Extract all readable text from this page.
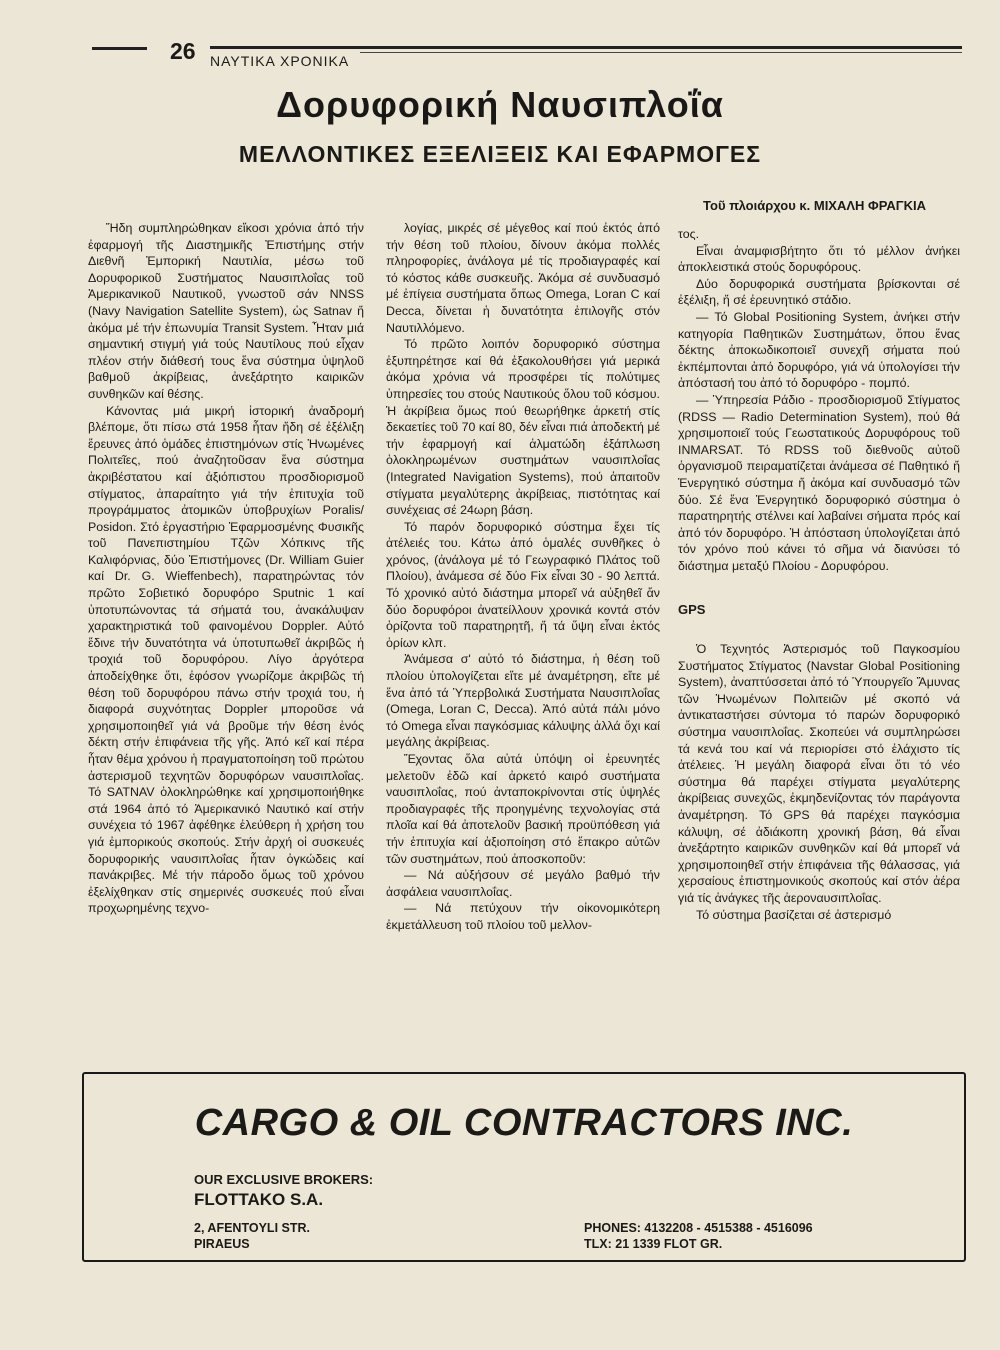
26 ΝΑΥΤΙΚΑ ΧΡΟΝΙΚΑ
Δορυφορική Ναυσιπλοΐα
ΜΕΛΛΟΝΤΙΚΕΣ ΕΞΕΛΙΞΕΙΣ ΚΑΙ ΕΦΑΡΜΟΓΕΣ
Τοῦ πλοιάρχου κ. ΜΙΧΑΛΗ ΦΡΑΓΚΙΑ

Ἤδη συμπληρώθηκαν εἴκοσι χρόνια ἀπό τήν ἐφαρμογή τῆς Διαστημικῆς Ἐπιστήμης στήν Διεθνῆ Ἐμπορική Ναυτιλία, μέσω τοῦ Δορυφορικοῦ Συστήματος Ναυσιπλοΐας τοῦ Ἀμερικανικοῦ Ναυτικοῦ, γνωστοῦ σάν NNSS (Navy Navigation Satellite System), ὡς Satnav ἤ ἀκόμα μέ τήν ἐπωνυμία Transit System. Ἦταν μιά σημαντική στιγμή γιά τούς Ναυτίλους πού εἶχαν πλέον στήν διάθεσή τους ἕνα σύστημα ὑψηλοῦ βαθμοῦ ἀκρίβειας, ἀνεξάρτητο καιρικῶν συνθηκῶν καί θέσης.

Κάνοντας μιά μικρή ἱστορική ἀναδρομή βλέπομε, ὅτι πίσω στά 1958 ἦταν ἤδη σέ ἐξέλιξη ἔρευνες ἀπό ὁμάδες ἐπιστημόνων στίς Ἡνωμένες Πολιτεῖες, πού ἀναζητοῦσαν ἕνα σύστημα ἀκριβέστατου καί ἀξιόπιστου προσδιορισμοῦ στίγματος, ἀπαραίτητο γιά τήν ἐπιτυχία τοῦ προγράμματος ἀτομικῶν ὑποβρυχίων Poralis/ Posidon. Στό ἐργαστήριο Ἐφαρμοσμένης Φυσικῆς τοῦ Πανεπιστημίου Τζῶν Χόπκινς τῆς Καλιφόρνιας, δύο Ἐπιστήμονες (Dr. William Guier καί Dr. G. Wieffenbech), παρατηρώντας τόν πρῶτο Σοβιετικό δορυφόρο Sputnic 1 καί ὑποτυπώνοντας τά σήματά του, ἀνακάλυψαν χαρακτηριστικά τοῦ φαινομένου Doppler. Αὐτό ἔδινε τήν δυνατότητα νά ὑποτυπωθεῖ ἀκριβῶς ἡ τροχιά τοῦ δορυφόρου. Λίγο ἀργότερα ἀποδείχθηκε ὅτι, ἐφόσον γνωρίζομε ἀκριβῶς τή θέση τοῦ δορυφόρου πάνω στήν τροχιά του, ἡ διαφορά συχνότητας Doppler μποροῦσε νά χρησιμοποιηθεῖ γιά νά βροῦμε τήν θέση ἑνός δέκτη στήν ἐπιφάνεια τῆς γῆς. Ἀπό κεῖ καί πέρα ἦταν θέμα χρόνου ἡ πραγματοποίηση τοῦ πρώτου ἀστερισμοῦ τεχνητῶν δορυφόρων ναυσιπλοΐας. Τό SATNAV ὁλοκληρώθηκε καί χρησιμοποιήθηκε στά 1964 ἀπό τό Ἀμερικανικό Ναυτικό καί στήν συνέχεια τό 1967 ἀφέθηκε ἐλεύθερη ἡ χρήση του γιά ἐμπορικούς σκοπούς. Στήν ἀρχή οἱ συσκευές δορυφορικής ναυσιπλοΐας ἦταν ὀγκώδεις καί πανάκριβες. Μέ τήν πάροδο ὅμως τοῦ χρόνου ἐξελίχθηκαν στίς σημερινές συσκευές πού εἶναι προχωρημένης τεχνο-

λογίας, μικρές σέ μέγεθος καί πού ἐκτός ἀπό τήν θέση τοῦ πλοίου, δίνουν ἀκόμα πολλές πληροφορίες, ἀνάλογα μέ τίς προδιαγραφές καί τό κόστος κάθε συσκευῆς. Ἀκόμα σέ συνδυασμό μέ ἐπίγεια συστήματα ὅπως Omega, Loran C καί Decca, δίνεται ἡ δυνατότητα ἐπιλογῆς στόν Ναυτιλλόμενο.

Τό πρῶτο λοιπόν δορυφορικό σύστημα ἐξυπηρέτησε καί θά ἐξακολουθήσει γιά μερικά ἀκόμα χρόνια νά προσφέρει τίς πολύτιμες ὑπηρεσίες του στούς Ναυτικούς ὅλου τοῦ κόσμου. Ἡ ἀκρίβεια ὅμως πού θεωρήθηκε ἀρκετή στίς δεκαετίες τοῦ 70 καί 80, δέν εἶναι πιά ἀποδεκτή μέ τήν ἐφαρμογή καί ἀλματώδη ἐξάπλωση ὁλοκληρωμένων συστημάτων ναυσιπλοΐας (Integrated Navigation Systems), πού ἀπαιτοῦν στίγματα μεγαλύτερης ἀκρίβειας, πιστότητας καί συνέχειας σέ 24ωρη βάση.

Τό παρόν δορυφορικό σύστημα ἔχει τίς ἀτέλειές του. Κάτω ἀπό ὁμαλές συνθῆκες ὁ χρόνος, (ἀνάλογα μέ τό Γεωγραφικό Πλάτος τοῦ Πλοίου), ἀνάμεσα σέ δύο Fix εἶναι 30 - 90 λεπτά. Τό χρονικό αὐτό διάστημα μπορεῖ νά αὐξηθεῖ ἄν δύο δορυφόροι ἀνατείλλουν χρονικά κοντά στόν ὁρίζοντα τοῦ παρατηρητῆ, ἤ τά ὕψη εἶναι ἐκτός ὁρίων κλπ.

Ἀνάμεσα σ' αὐτό τό διάστημα, ἡ θέση τοῦ πλοίου ὑπολογίζεται εἴτε μέ ἀναμέτρηση, εἴτε μέ ἕνα ἀπό τά Ὑπερβολικά Συστήματα Ναυσιπλοΐας (Omega, Loran C, Decca). Ἀπό αὐτά πάλι μόνο τό Omega εἶναι παγκόσμιας κάλυψης ἀλλά ὄχι καί μεγάλης ἀκρίβειας.

Ἔχοντας ὅλα αὐτά ὑπόψη οἱ ἐρευνητές μελετοῦν ἐδῶ καί ἀρκετό καιρό συστήματα ναυσιπλοΐας, πού ἀνταποκρίνονται στίς ὑψηλές προδιαγραφές τῆς προηγμένης τεχνολογίας στά πλοῖα καί θά ἀποτελοῦν βασική προϋπόθεση γιά τήν ἐπιτυχία καί ἀξιοποίηση στό ἔπακρο αὐτῶν τῶν συστημάτων, πού ἀποσκοποῦν:

— Νά αὐξήσουν σέ μεγάλο βαθμό τήν ἀσφάλεια ναυσιπλοΐας.

— Νά πετύχουν τήν οἰκονομικότερη ἐκμετάλλευση τοῦ πλοίου τοῦ μελλον-

τος.

Εἶναι ἀναμφισβήτητο ὅτι τό μέλλον ἀνήκει ἀποκλειστικά στούς δορυφόρους.

Δύο δορυφορικά συστήματα βρίσκονται σέ ἐξέλιξη, ἤ σέ ἐρευνητικό στάδιο.

— Τό Global Positioning System, ἀνήκει στήν κατηγορία Παθητικῶν Συστημάτων, ὅπου ἕνας δέκτης ἀποκωδικοποιεῖ συνεχῆ σήματα πού ἐκπέμπονται ἀπό δορυφόρο, γιά νά ὑπολογίσει τήν ἀπόστασή του ἀπό τό δορυφόρο - πομπό.

— Ὑπηρεσία Ράδιο - προσδιορισμοῦ Στίγματος (RDSS — Radio Determination System), πού θά χρησιμοποιεῖ τούς Γεωστατικούς Δορυφόρους τοῦ INMARSAT. Τό RDSS τοῦ διεθνοῦς αὐτοῦ ὀργανισμοῦ πειραματίζεται ἀνάμεσα σέ Παθητικό ἤ Ἐνεργητικό σύστημα ἤ ἀκόμα καί συνδυασμό τῶν δύο. Σέ ἕνα Ἐνεργητικό δορυφορικό σύστημα ὁ παρατηρητής στέλνει καί λαβαίνει σήματα πρός καί ἀπό τόν δορυφόρο. Ἡ ἀπόσταση ὑπολογίζεται ἀπό τόν χρόνο πού κάνει τό σῆμα νά διανύσει τό διάστημα μεταξύ Πλοίου - Δορυφόρου.

GPS

Ὁ Τεχνητός Ἀστερισμός τοῦ Παγκοσμίου Συστήματος Στίγματος (Navstar Global Positioning System), ἀναπτύσσεται ἀπό τό Ὑπουργεῖο Ἄμυνας τῶν Ἡνωμένων Πολιτειῶν μέ σκοπό νά ἀντικαταστήσει σύντομα τό παρών δορυφορικό σύστημα ναυσιπλοΐας. Σκοπεύει νά συμπληρώσει τά κενά του καί νά περιορίσει στό ἐλάχιστο τίς ἀτέλειες. Ἡ μεγάλη διαφορά εἶναι ὅτι τό νέο σύστημα θά παρέχει στίγματα μεγαλύτερης ἀκρίβειας συνεχῶς, ἐκμηδενίζοντας τόν παράγοντα ἀναμέτρηση. Τό GPS θά παρέχει παγκόσμια κάλυψη, σέ ἀδιάκοπη χρονική βάση, θά εἶναι ἀνεξάρτητο καιρικῶν συνθηκῶν καί θά μπορεῖ νά χρησιμοποιηθεῖ στήν ἐπιφάνεια τῆς θάλασσας, γιά χερσαίους ἐπιστημονικούς σκοπούς καί στόν ἀέρα γιά τίς ἀνάγκες τῆς ἀεροναυσιπλοΐας.

Τό σύστημα βασίζεται σέ ἀστερισμό

CARGO & OIL CONTRACTORS INC.
OUR EXCLUSIVE BROKERS:
FLOTTAKO S.A.
2, AFENTOYLI STR.
PIRAEUS
PHONES: 4132208 - 4515388 - 4516096
TLX: 21 1339 FLOT GR.
